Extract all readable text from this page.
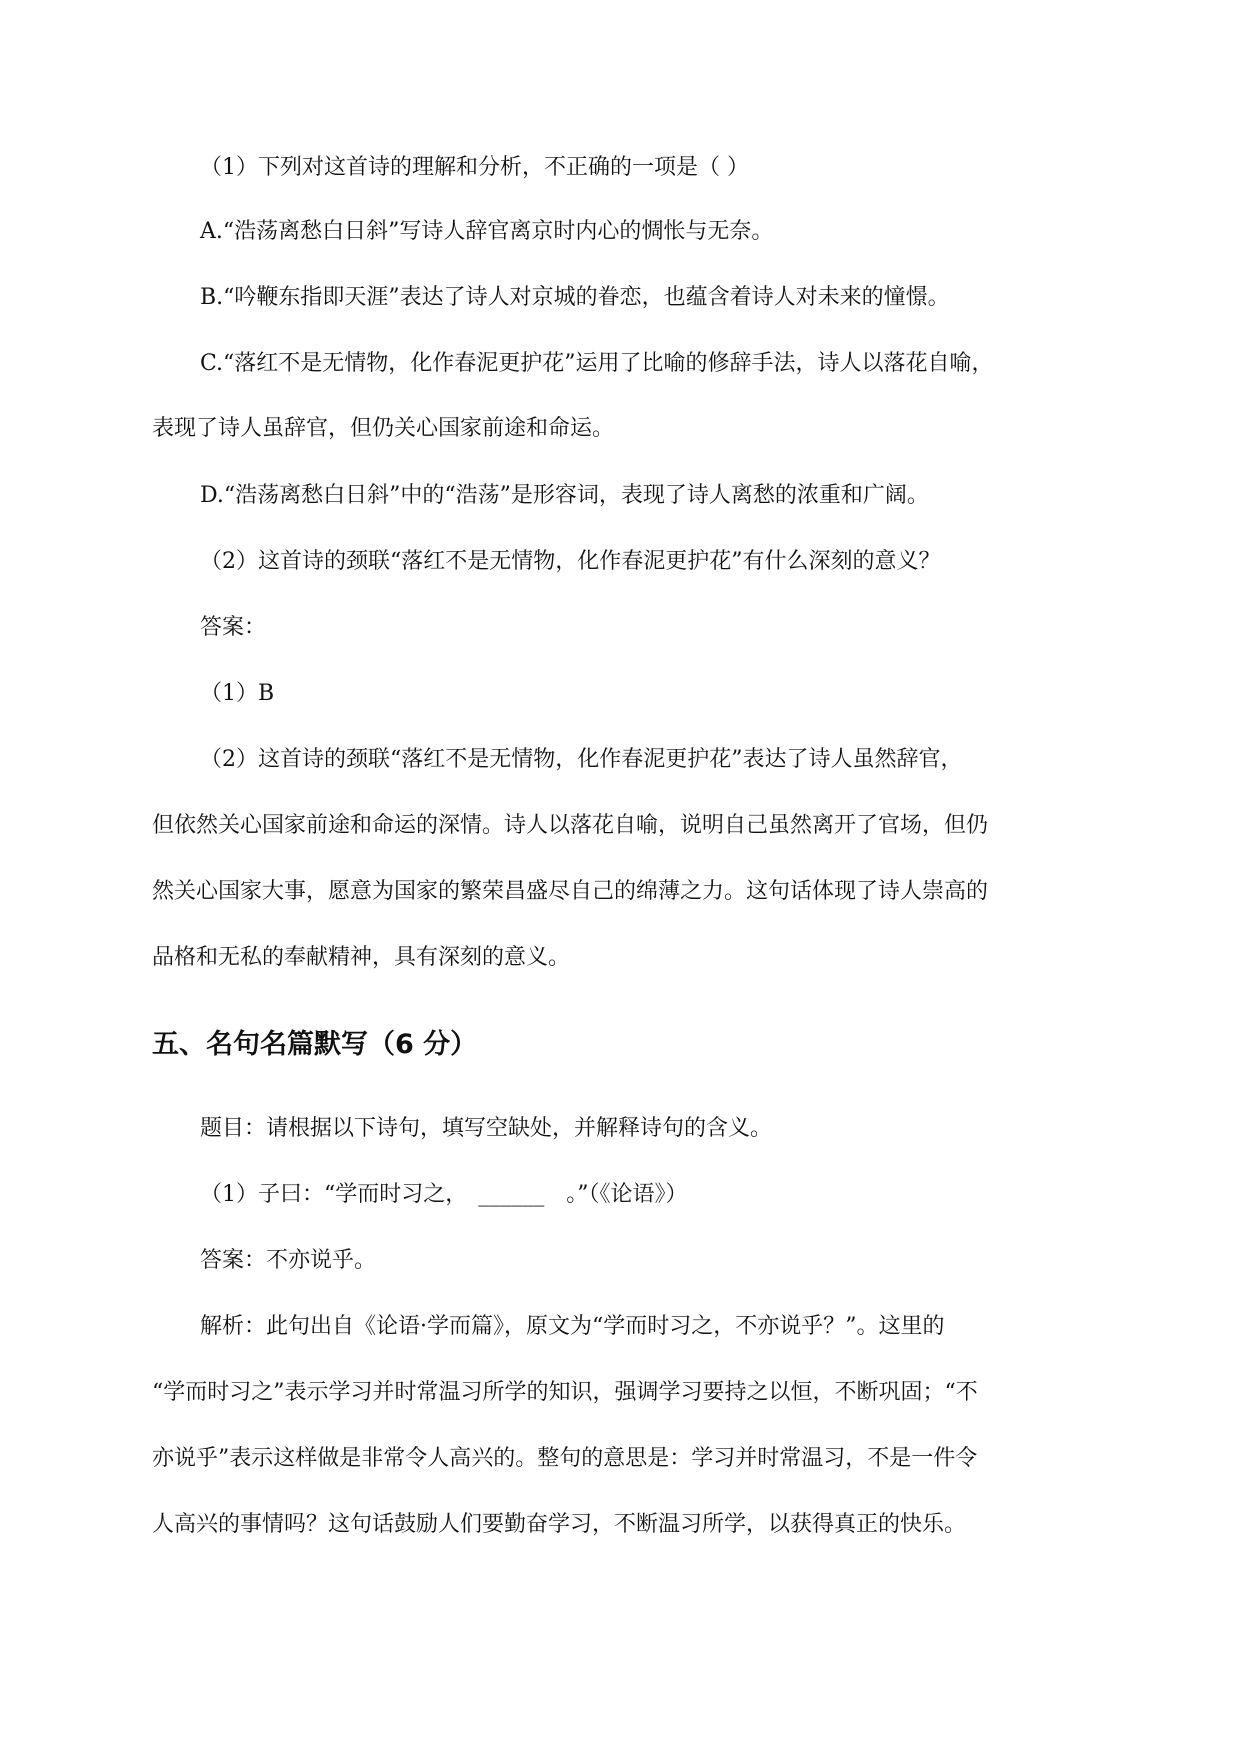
（1）下列对这首诗的理解和分析，不正确的一项是（ ）
A.“浩荡离愁白日斜”写诗人辞官离京时内心的惆怅与无奈。
B.“吟鞭东指即天涯”表达了诗人对京城的眷恋，也蕴含着诗人对未来的憧憬。
C.“落红不是无情物，化作春泥更护花”运用了比喻的修辞手法，诗人以落花自喻，
表现了诗人虽辞官，但仍关心国家前途和命运。
D.“浩荡离愁白日斜”中的“浩荡”是形容词，表现了诗人离愁的浓重和广阔。
（2）这首诗的颈联“落红不是无情物，化作春泥更护花”有什么深刻的意义？
答案：
（1）B
（2）这首诗的颈联“落红不是无情物，化作春泥更护花”表达了诗人虽然辞官，
但依然关心国家前途和命运的深情。诗人以落花自喻，说明自己虽然离开了官场，但仍
然关心国家大事，愿意为国家的繁荣昌盛尽自己的绵薄之力。这句话体现了诗人崇高的
品格和无私的奉献精神，具有深刻的意义。
五、名句名篇默写（6 分）
题目：请根据以下诗句，填写空缺处，并解释诗句的含义。
（1）子曰：“学而时习之，　______　。”（《论语》）
答案：不亦说乎。
解析：此句出自《论语·学而篇》，原文为“学而时习之，不亦说乎？”。这里的
“学而时习之”表示学习并时常温习所学的知识，强调学习要持之以恒，不断巩固；“不
亦说乎”表示这样做是非常令人高兴的。整句的意思是：学习并时常温习，不是一件令
人高兴的事情吗？这句话鼓励人们要勤奋学习，不断温习所学，以获得真正的快乐。
